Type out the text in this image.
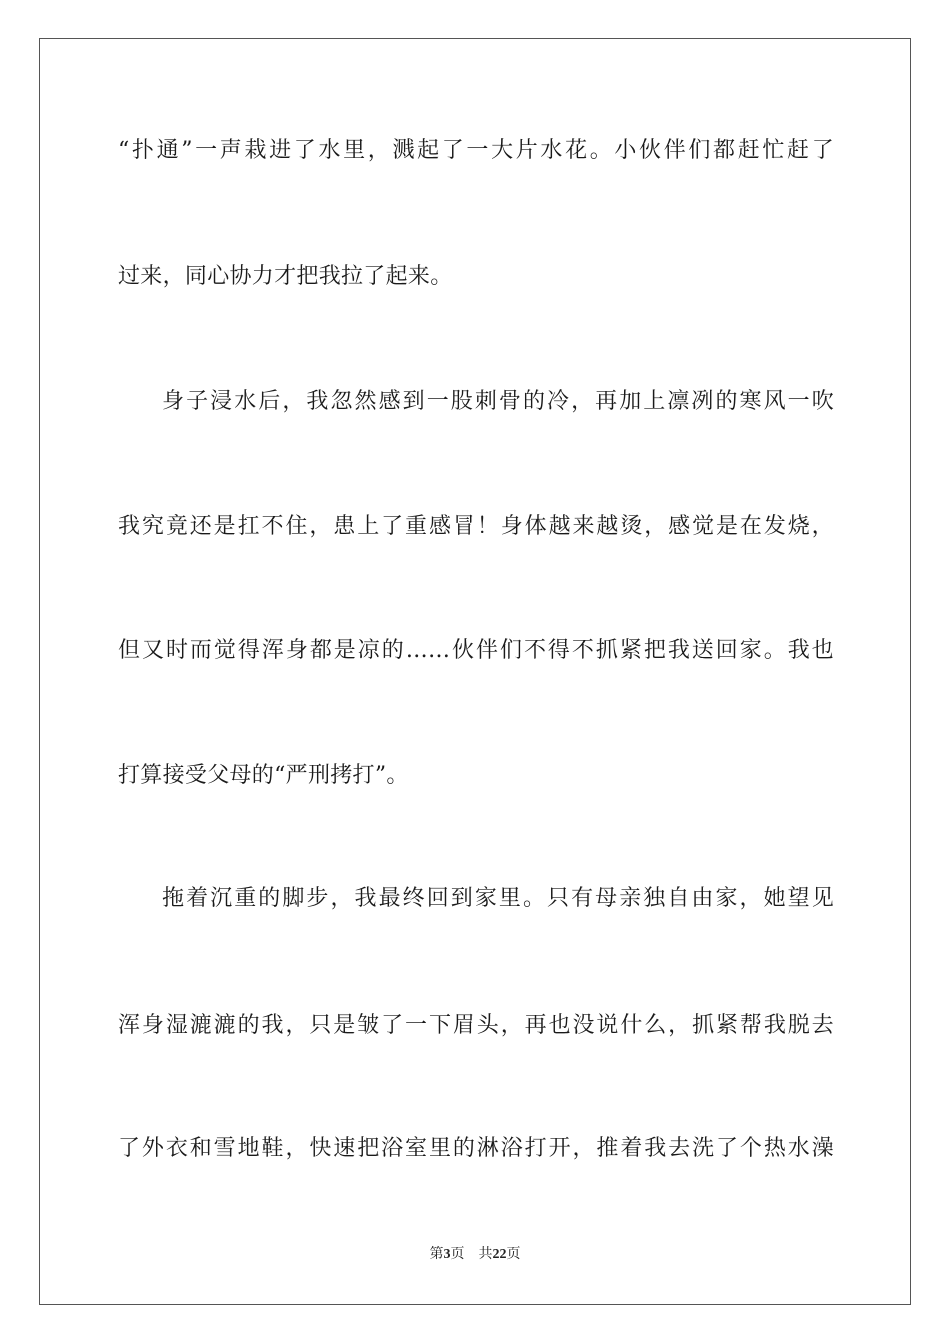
“扑通”一声栽进了水里，溅起了一大片水花。小伙伴们都赶忙赶了
过来，同心协力才把我拉了起来。
身子浸水后，我忽然感到一股刺骨的冷，再加上凛冽的寒风一吹
我究竟还是扛不住，患上了重感冒！身体越来越烫，感觉是在发烧，
但又时而觉得浑身都是凉的……伙伴们不得不抓紧把我送回家。我也
打算接受父母的“严刑拷打”。
拖着沉重的脚步，我最终回到家里。只有母亲独自由家，她望见
浑身湿漉漉的我，只是皱了一下眉头，再也没说什么，抓紧帮我脱去
了外衣和雪地鞋，快速把浴室里的淋浴打开，推着我去洗了个热水澡
第3页 共22页
